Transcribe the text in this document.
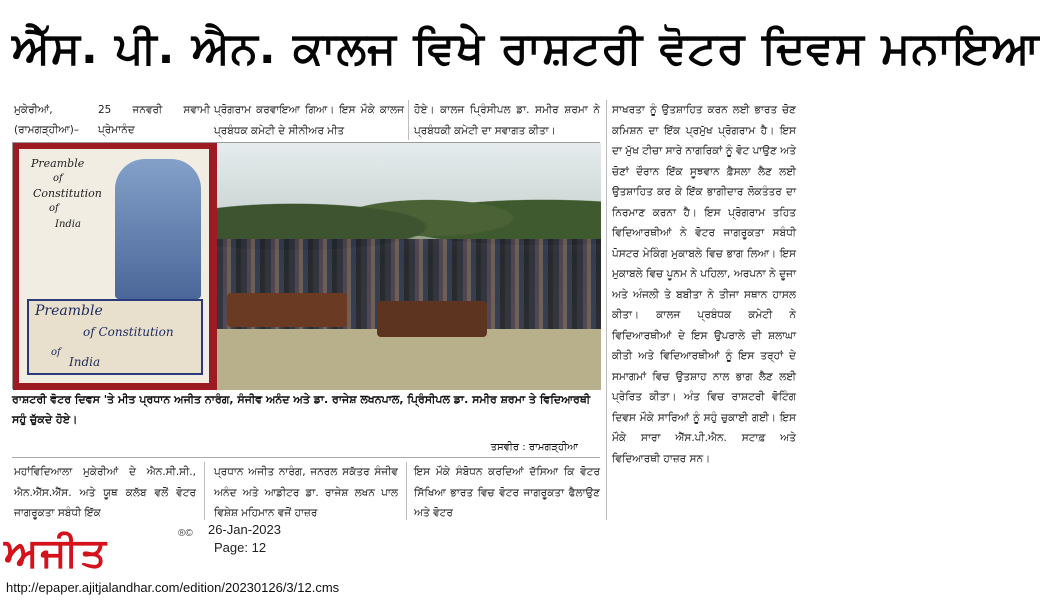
ਐੱਸ. ਪੀ. ਐਨ. ਕਾਲਜ ਵਿਖੇ ਰਾਸ਼ਟਰੀ ਵੋਟਰ ਦਿਵਸ ਮਨਾਇਆ
ਮੁਕੇਰੀਆਂ, (ਰਾਮਗੜ੍ਹੀਆ)–
25 ਜਨਵਰੀ ਸਵਾਮੀ ਪ੍ਰੇਮਾਨੰਦ
ਪ੍ਰੋਗਰਾਮ ਕਰਵਾਇਆ ਗਿਆ। ਇਸ ਮੌਕੇ ਕਾਲਜ ਪ੍ਰਬੰਧਕ ਕਮੇਟੀ ਦੇ ਸੀਨੀਅਰ ਮੀਤ
ਹੋਏ। ਕਾਲਜ ਪ੍ਰਿੰਸੀਪਲ ਡਾ. ਸਮੀਰ ਸ਼ਰਮਾ ਨੇ ਪ੍ਰਬੰਧਕੀ ਕਮੇਟੀ ਦਾ ਸਵਾਗਤ ਕੀਤਾ।
Preamble
of
Constitution
of
India
Preamble
of Constitution
of
India
ਰਾਸ਼ਟਰੀ ਵੋਟਰ ਦਿਵਸ 'ਤੇ ਮੀਤ ਪ੍ਰਧਾਨ ਅਜੀਤ ਨਾਰੰਗ, ਸੰਜੀਵ ਅਨੰਦ ਅਤੇ ਡਾ. ਰਾਜੇਸ਼ ਲਖਨਪਾਲ, ਪ੍ਰਿੰਸੀਪਲ ਡਾ. ਸਮੀਰ ਸ਼ਰਮਾ ਤੇ ਵਿਦਿਆਰਥੀ ਸਹੁੰ ਚੁੱਕਦੇ ਹੋਏ।
ਤਸਵੀਰ : ਰਾਮਗੜ੍ਹੀਆ
ਸਾਖਰਤਾ ਨੂੰ ਉਤਸ਼ਾਹਿਤ ਕਰਨ ਲਈ ਭਾਰਤ ਚੋਣ ਕਮਿਸ਼ਨ ਦਾ ਇੱਕ ਪ੍ਰਮੁੱਖ ਪ੍ਰੋਗਰਾਮ ਹੈ। ਇਸ ਦਾ ਮੁੱਖ ਟੀਚਾ ਸਾਰੇ ਨਾਗਰਿਕਾਂ ਨੂੰ ਵੋਟ ਪਾਉਣ ਅਤੇ ਚੋਣਾਂ ਦੌਰਾਨ ਇੱਕ ਸੂਝਵਾਨ ਫ਼ੈਸਲਾ ਲੈਣ ਲਈ ਉਤਸ਼ਾਹਿਤ ਕਰ ਕੇ ਇੱਕ ਭਾਗੀਦਾਰ ਲੋਕਤੰਤਰ ਦਾ ਨਿਰਮਾਣ ਕਰਨਾ ਹੈ। ਇਸ ਪ੍ਰੋਗਰਾਮ ਤਹਿਤ ਵਿਦਿਆਰਥੀਆਂ ਨੇ ਵੋਟਰ ਜਾਗਰੂਕਤਾ ਸਬੰਧੀ ਪੋਸਟਰ ਮੇਕਿੰਗ ਮੁਕਾਬਲੇ ਵਿਚ ਭਾਗ ਲਿਆ। ਇਸ ਮੁਕਾਬਲੇ ਵਿਚ ਪੂਨਮ ਨੇ ਪਹਿਲਾ, ਅਰਪਨਾ ਨੇ ਦੂਜਾ ਅਤੇ ਅੰਜਲੀ ਤੇ ਬਬੀਤਾ ਨੇ ਤੀਜਾ ਸਥਾਨ ਹਾਸਲ ਕੀਤਾ। ਕਾਲਜ ਪ੍ਰਬੰਧਕ ਕਮੇਟੀ ਨੇ ਵਿਦਿਆਰਥੀਆਂ ਦੇ ਇਸ ਉਪਰਾਲੇ ਦੀ ਸ਼ਲਾਘਾ ਕੀਤੀ ਅਤੇ ਵਿਦਿਆਰਥੀਆਂ ਨੂੰ ਇਸ ਤਰ੍ਹਾਂ ਦੇ ਸਮਾਗਮਾਂ ਵਿਚ ਉਤਸ਼ਾਹ ਨਾਲ ਭਾਗ ਲੈਣ ਲਈ ਪ੍ਰੇਰਿਤ ਕੀਤਾ। ਅੰਤ ਵਿਚ ਰਾਸ਼ਟਰੀ ਵੋਟਿੰਗ ਦਿਵਸ ਮੌਕੇ ਸਾਰਿਆਂ ਨੂੰ ਸਹੁੰ ਚੁਕਾਈ ਗਈ। ਇਸ ਮੌਕੇ ਸਾਰਾ ਐੱਸ.ਪੀ.ਐਨ. ਸਟਾਫ਼ ਅਤੇ ਵਿਦਿਆਰਥੀ ਹਾਜ਼ਰ ਸਨ।
ਮਹਾਂਵਿਦਿਆਲਾ ਮੁਕੇਰੀਆਂ ਦੇ ਐਨ.ਸੀ.ਸੀ., ਐਨ.ਐੱਸ.ਐੱਸ. ਅਤੇ ਯੂਥ ਕਲੱਬ ਵਲੋਂ ਵੋਟਰ ਜਾਗਰੂਕਤਾ ਸਬੰਧੀ ਇੱਕ
ਪ੍ਰਧਾਨ ਅਜੀਤ ਨਾਰੰਗ, ਜਨਰਲ ਸਕੱਤਰ ਸੰਜੀਵ ਅਨੰਦ ਅਤੇ ਆਡੀਟਰ ਡਾ. ਰਾਜੇਸ਼ ਲਖਨ ਪਾਲ ਵਿਸ਼ੇਸ਼ ਮਹਿਮਾਨ ਵਜੋਂ ਹਾਜ਼ਰ
ਇਸ ਮੌਕੇ ਸੰਬੋਧਨ ਕਰਦਿਆਂ ਦੱਸਿਆ ਕਿ ਵੋਟਰ ਸਿੱਖਿਆ ਭਾਰਤ ਵਿਚ ਵੋਟਰ ਜਾਗਰੂਕਤਾ ਫੈਲਾਉਣ ਅਤੇ ਵੋਟਰ
26-Jan-2023
Page: 12
ਅਜੀਤ	®©
http://epaper.ajitjalandhar.com/edition/20230126/3/12.cms
